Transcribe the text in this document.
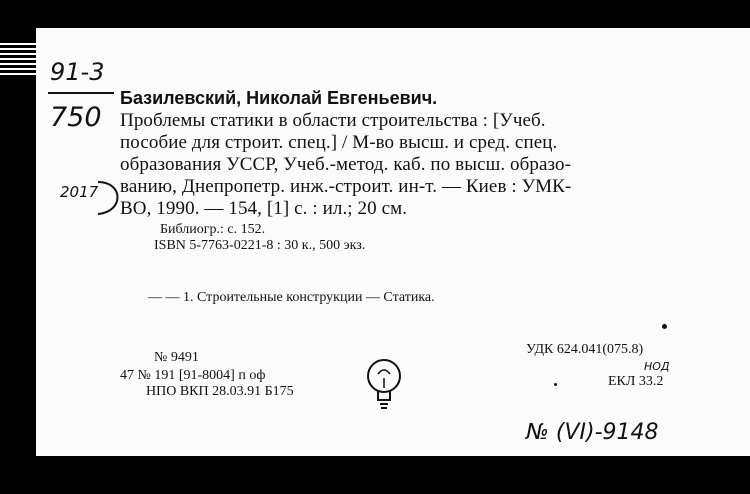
91-3
750
2017
Базилевский, Николай Евгеньевич.
Проблемы статики в области строительства : [Учеб.
пособие для строит. спец.] / М-во высш. и сред. спец.
образования УССР, Учеб.-метод. каб. по высш. образо-
ванию, Днепропетр. инж.-строит. ин-т. — Киев : УМК-
ВО, 1990. — 154, [1] с. : ил.; 20 см.
Библиогр.: с. 152.
ISBN 5-7763-0221-8 : 30 к., 500 экз.
— — 1. Строительные конструкции — Статика.
УДК 624.041(075.8)
НОД
ЕКЛ 33.2
№ 9491
47 № 191 [91-8004] п оф
НПО ВКП 28.03.91 Б175
№ (VI)-9148
